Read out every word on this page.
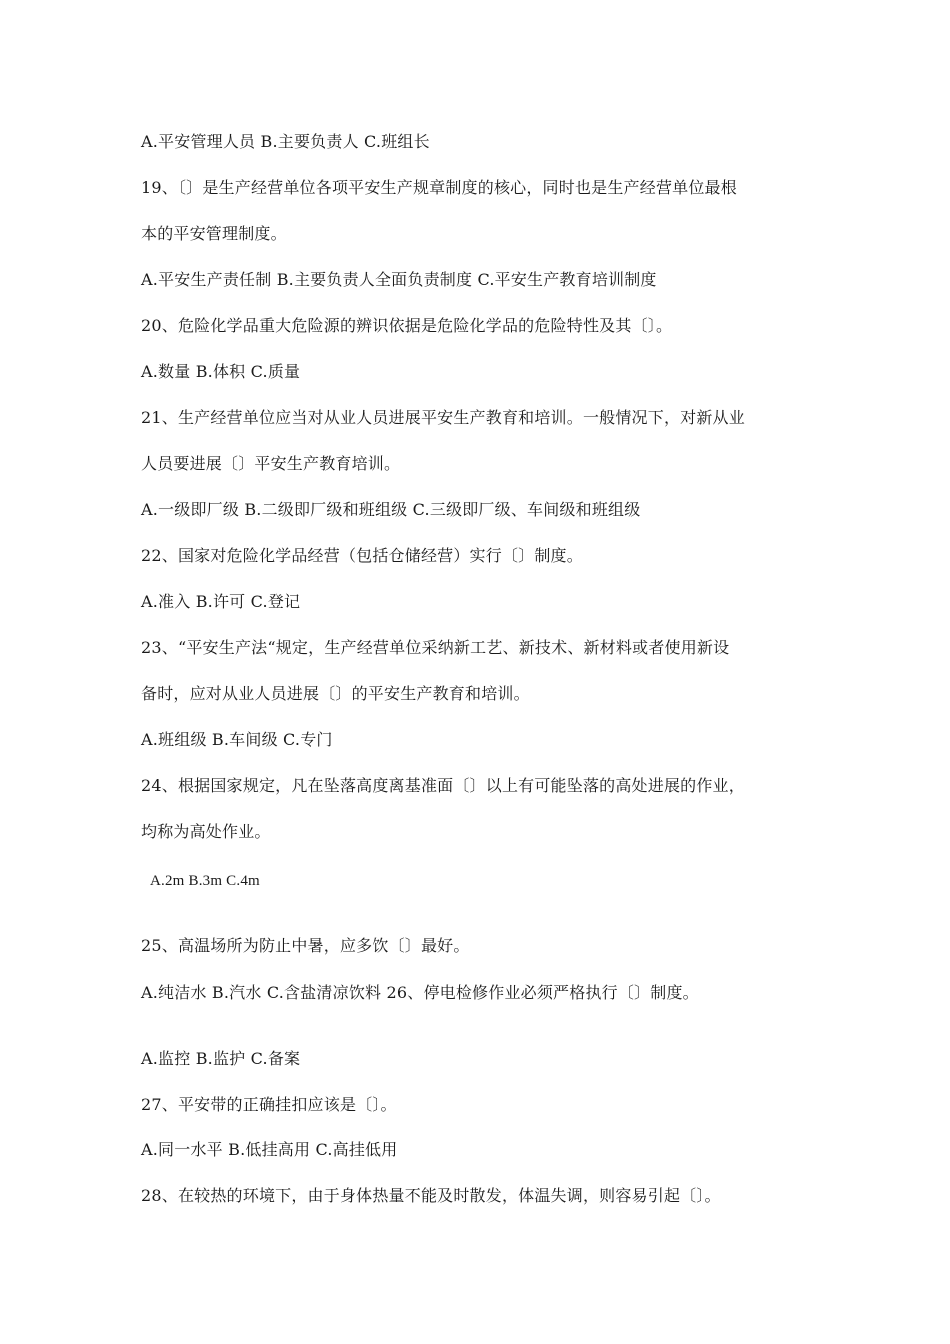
A.平安管理人员 B.主要负责人 C.班组长
19、〔〕是生产经营单位各项平安生产规章制度的核心，同时也是生产经营单位最根
本的平安管理制度。
A.平安生产责任制 B.主要负责人全面负责制度 C.平安生产教育培训制度
20、危险化学品重大危险源的辨识依据是危险化学品的危险特性及其〔〕。
A.数量 B.体积 C.质量
21、生产经营单位应当对从业人员进展平安生产教育和培训。一般情况下，对新从业
人员要进展〔〕平安生产教育培训。
A.一级即厂级 B.二级即厂级和班组级 C.三级即厂级、车间级和班组级
22、国家对危险化学品经营（包括仓储经营）实行〔〕制度。
A.准入 B.许可 C.登记
23、“平安生产法“规定，生产经营单位采纳新工艺、新技术、新材料或者使用新设
备时，应对从业人员进展〔〕的平安生产教育和培训。
A.班组级 B.车间级 C.专门
24、根据国家规定，凡在坠落高度离基准面〔〕以上有可能坠落的高处进展的作业，
均称为高处作业。
A.2m B.3m C.4m
25、高温场所为防止中暑，应多饮〔〕最好。
A.纯洁水 B.汽水 C.含盐清凉饮料 26、停电检修作业必须严格执行〔〕制度。
A.监控 B.监护 C.备案
27、平安带的正确挂扣应该是〔〕。
A.同一水平 B.低挂高用 C.高挂低用
28、在较热的环境下，由于身体热量不能及时散发，体温失调，则容易引起〔〕。
